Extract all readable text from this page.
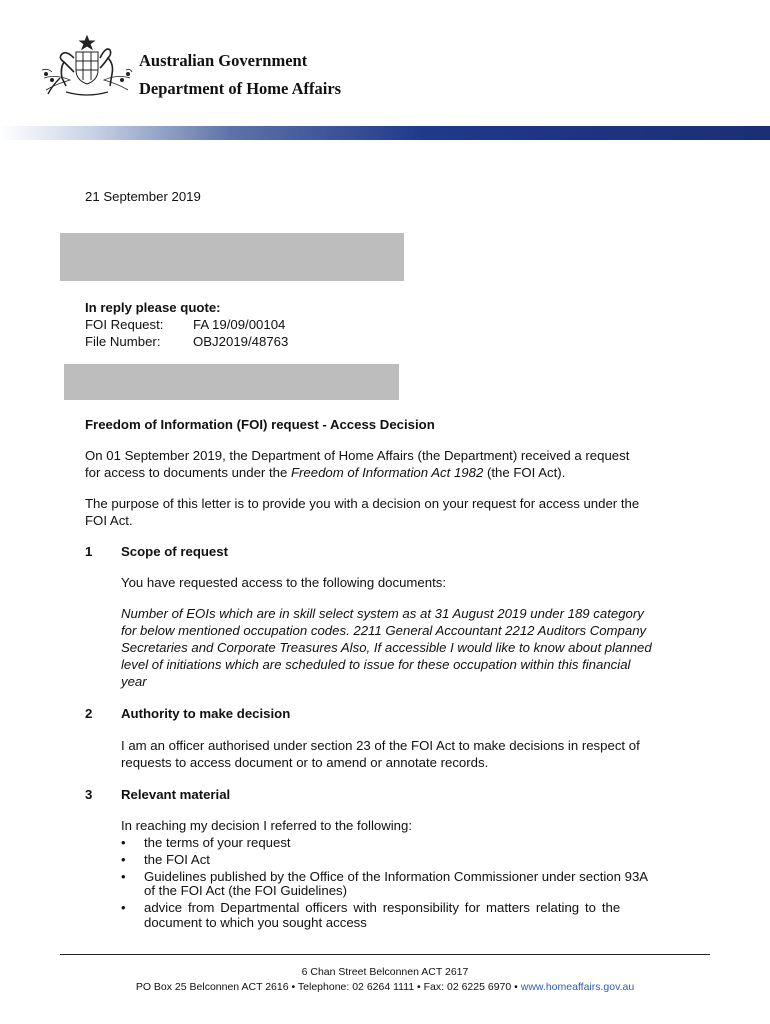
Australian Government
Department of Home Affairs
21 September 2019
In reply please quote:
FOI Request: FA 19/09/00104
File Number: OBJ2019/48763
Freedom of Information (FOI) request - Access Decision
On 01 September 2019, the Department of Home Affairs (the Department) received a request
for access to documents under the Freedom of Information Act 1982 (the FOI Act).
The purpose of this letter is to provide you with a decision on your request for access under the
FOI Act.
1 Scope of request
You have requested access to the following documents:
Number of EOIs which are in skill select system as at 31 August 2019 under 189 category
for below mentioned occupation codes. 2211 General Accountant 2212 Auditors Company
Secretaries and Corporate Treasures Also, If accessible I would like to know about planned
level of initiations which are scheduled to issue for these occupation within this financial
year
2 Authority to make decision
I am an officer authorised under section 23 of the FOI Act to make decisions in respect of
requests to access document or to amend or annotate records.
3 Relevant material
In reaching my decision I referred to the following:
• the terms of your request
• the FOI Act
• Guidelines published by the Office of the Information Commissioner under section 93A
of the FOI Act (the FOI Guidelines)
• advice from Departmental officers with responsibility for matters relating to the
document to which you sought access
6 Chan Street Belconnen ACT 2617
PO Box 25 Belconnen ACT 2616 • Telephone: 02 6264 1111 • Fax: 02 6225 6970 • www.homeaffairs.gov.au
